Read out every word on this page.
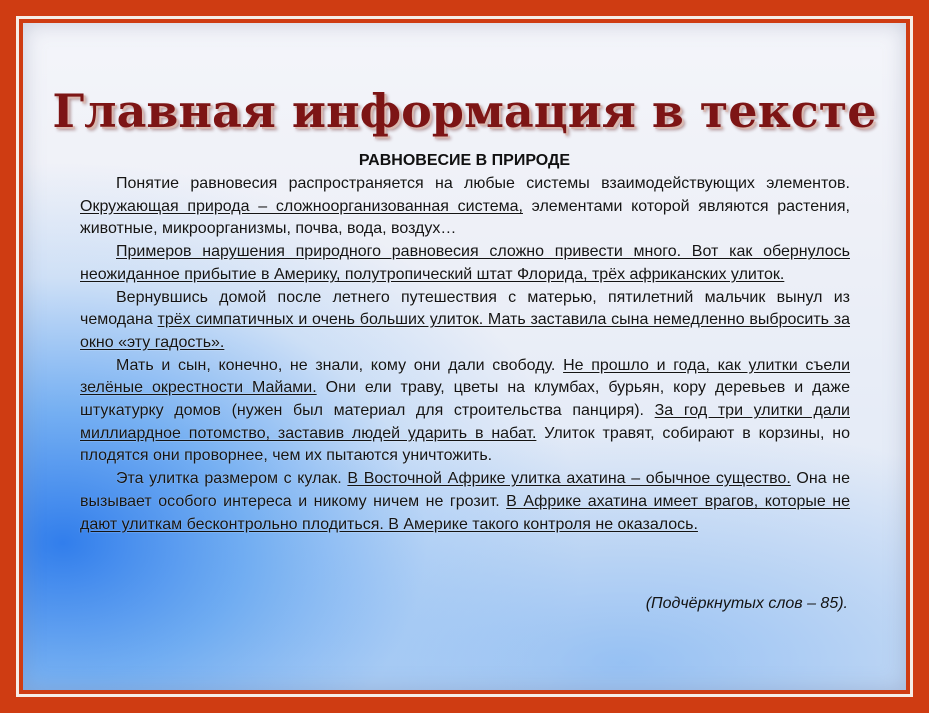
Главная информация в тексте
РАВНОВЕСИЕ В ПРИРОДЕ

Понятие равновесия распространяется на любые системы взаимодействующих элементов. Окружающая природа – сложноорганизованная система, элементами которой являются растения, животные, микроорганизмы, почва, вода, воздух…

Примеров нарушения природного равновесия сложно привести много. Вот как обернулось неожиданное прибытие в Америку, полутропический штат Флорида, трёх африканских улиток.

Вернувшись домой после летнего путешествия с матерью, пятилетний мальчик вынул из чемодана трёх симпатичных и очень больших улиток. Мать заставила сына немедленно выбросить за окно «эту гадость».

Мать и сын, конечно, не знали, кому они дали свободу. Не прошло и года, как улитки съели зелёные окрестности Майами. Они ели траву, цветы на клумбах, бурьян, кору деревьев и даже штукатурку домов (нужен был материал для строительства панциря). За год три улитки дали миллиардное потомство, заставив людей ударить в набат. Улиток травят, собирают в корзины, но плодятся они проворнее, чем их пытаются уничтожить.

Эта улитка размером с кулак. В Восточной Африке улитка ахатина – обычное существо. Она не вызывает особого интереса и никому ничем не грозит. В Африке ахатина имеет врагов, которые не дают улиткам бесконтрольно плодиться. В Америке такого контроля не оказалось.

(Подчёркнутых слов – 85).
